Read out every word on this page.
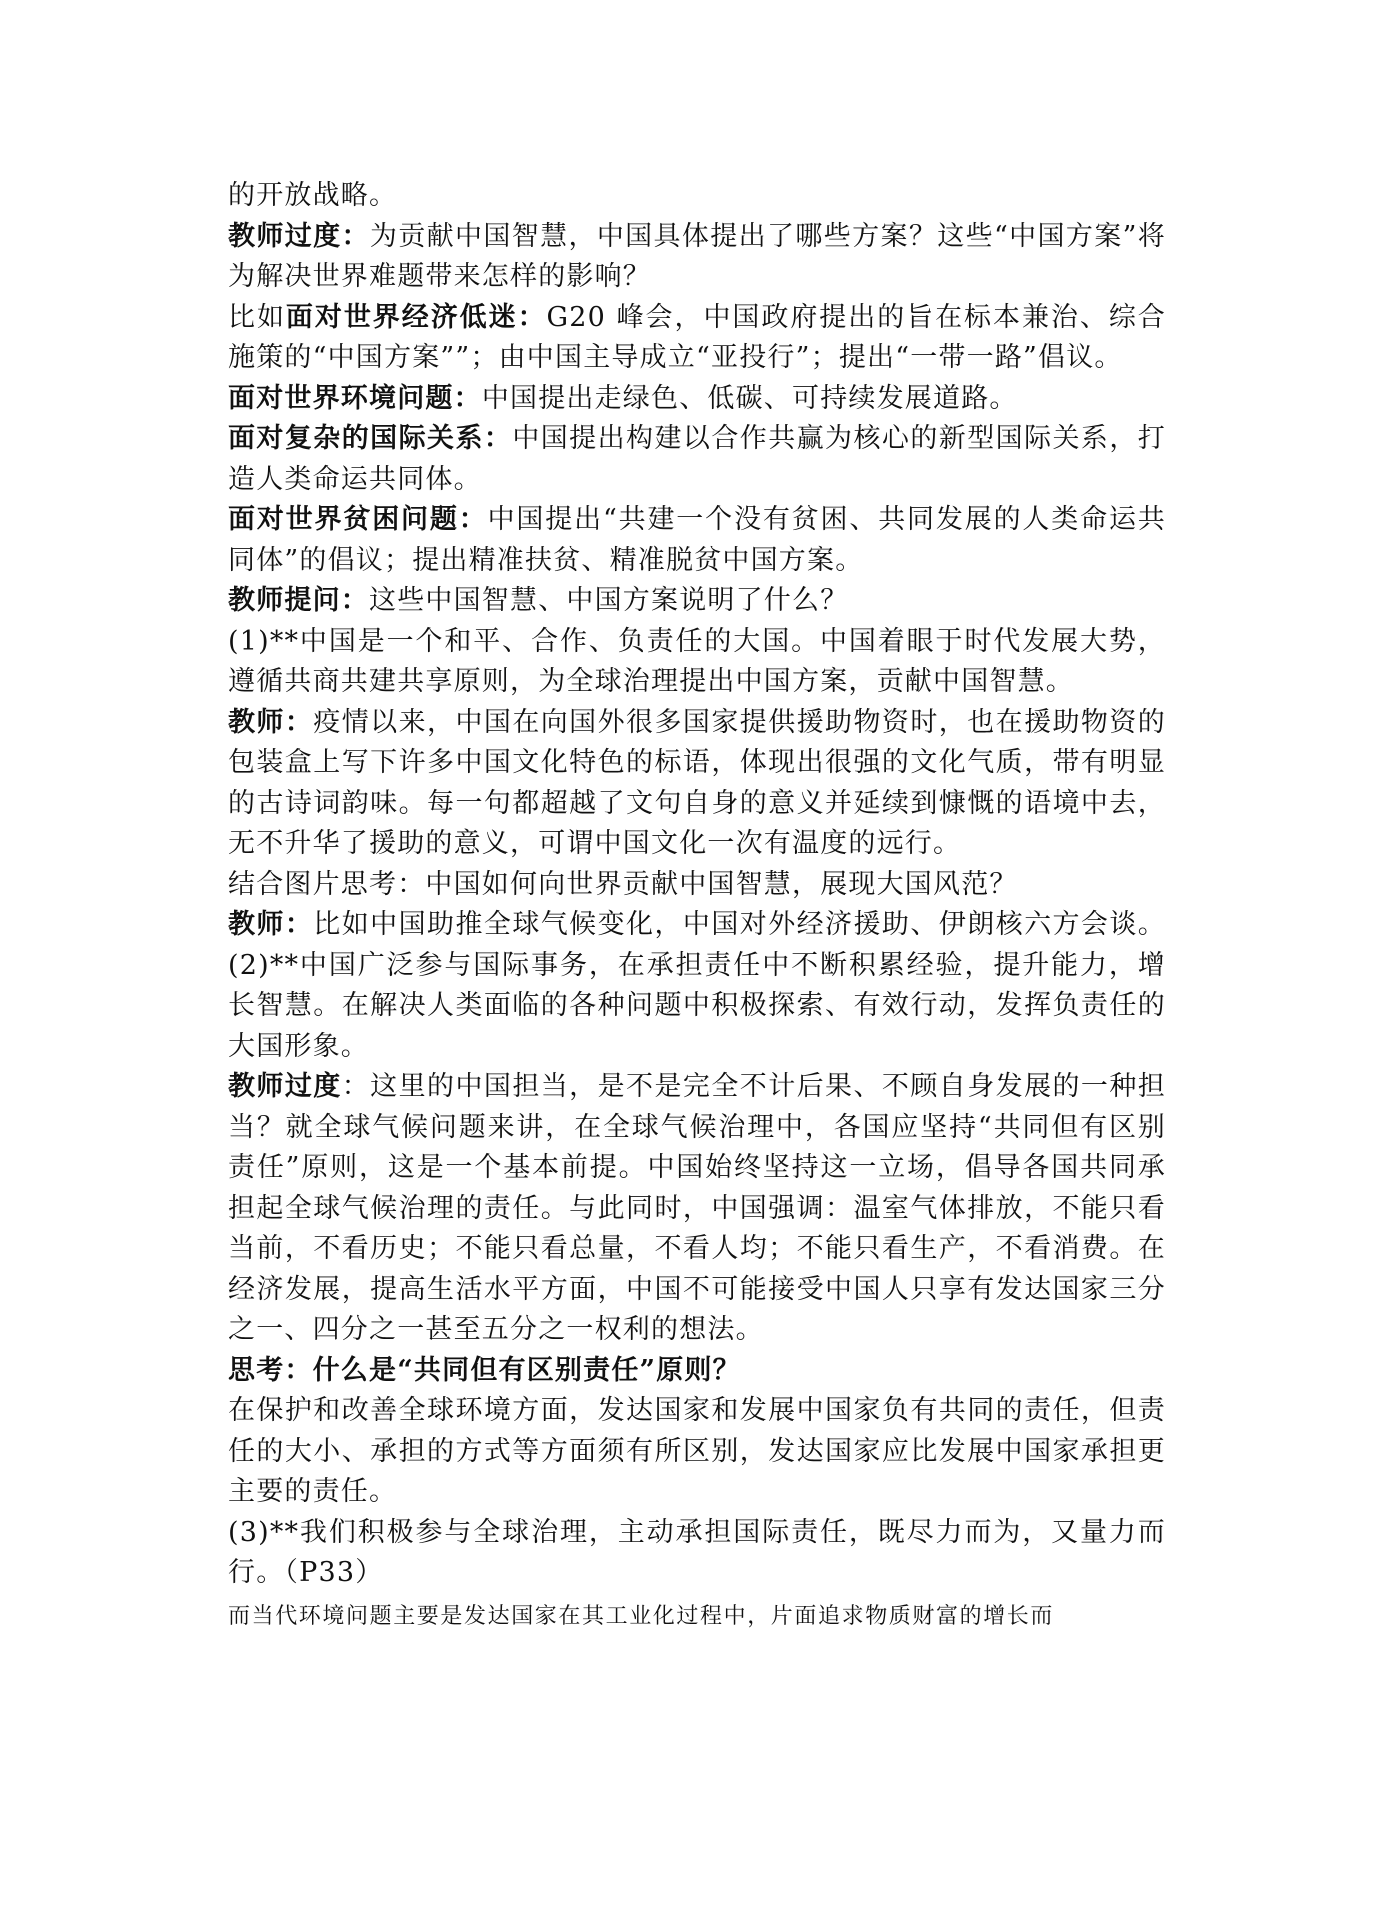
的开放战略。

教师过度：为贡献中国智慧，中国具体提出了哪些方案？这些“中国方案”将为解决世界难题带来怎样的影响？

比如面对世界经济低迷：G20 峰会，中国政府提出的旨在标本兼治、综合施策的“中国方案””；由中国主导成立“亚投行”；提出“一带一路”倡议。

面对世界环境问题：中国提出走绿色、低碳、可持续发展道路。

面对复杂的国际关系：中国提出构建以合作共赢为核心的新型国际关系，打造人类命运共同体。

面对世界贫困问题：中国提出“共建一个没有贫困、共同发展的人类命运共同体”的倡议；提出精准扶贫、精准脱贫中国方案。

教师提问：这些中国智慧、中国方案说明了什么？

(1)**中国是一个和平、合作、负责任的大国。中国着眼于时代发展大势，遵循共商共建共享原则，为全球治理提出中国方案，贡献中国智慧。

教师：疫情以来，中国在向国外很多国家提供援助物资时，也在援助物资的包装盒上写下许多中国文化特色的标语，体现出很强的文化气质，带有明显的古诗词韵味。每一句都超越了文句自身的意义并延续到慷慨的语境中去，无不升华了援助的意义，可谓中国文化一次有温度的远行。

结合图片思考：中国如何向世界贡献中国智慧，展现大国风范？

教师：比如中国助推全球气候变化，中国对外经济援助、伊朗核六方会谈。(2)**中国广泛参与国际事务，在承担责任中不断积累经验，提升能力，增长智慧。在解决人类面临的各种问题中积极探索、有效行动，发挥负责任的大国形象。

教师过度：这里的中国担当，是不是完全不计后果、不顾自身发展的一种担当？就全球气候问题来讲，在全球气候治理中，各国应坚持“共同但有区别责任”原则，这是一个基本前提。中国始终坚持这一立场，倡导各国共同承担起全球气候治理的责任。与此同时，中国强调：温室气体排放，不能只看当前，不看历史；不能只看总量，不看人均；不能只看生产，不看消费。在经济发展，提高生活水平方面，中国不可能接受中国人只享有发达国家三分之一、四分之一甚至五分之一权利的想法。

思考：什么是“共同但有区别责任”原则？

在保护和改善全球环境方面，发达国家和发展中国家负有共同的责任，但责任的大小、承担的方式等方面须有所区别，发达国家应比发展中国家承担更主要的责任。

(3)**我们积极参与全球治理，主动承担国际责任，既尽力而为，又量力而行。（P33）

而当代环境问题主要是发达国家在其工业化过程中，片面追求物质财富的增长而
